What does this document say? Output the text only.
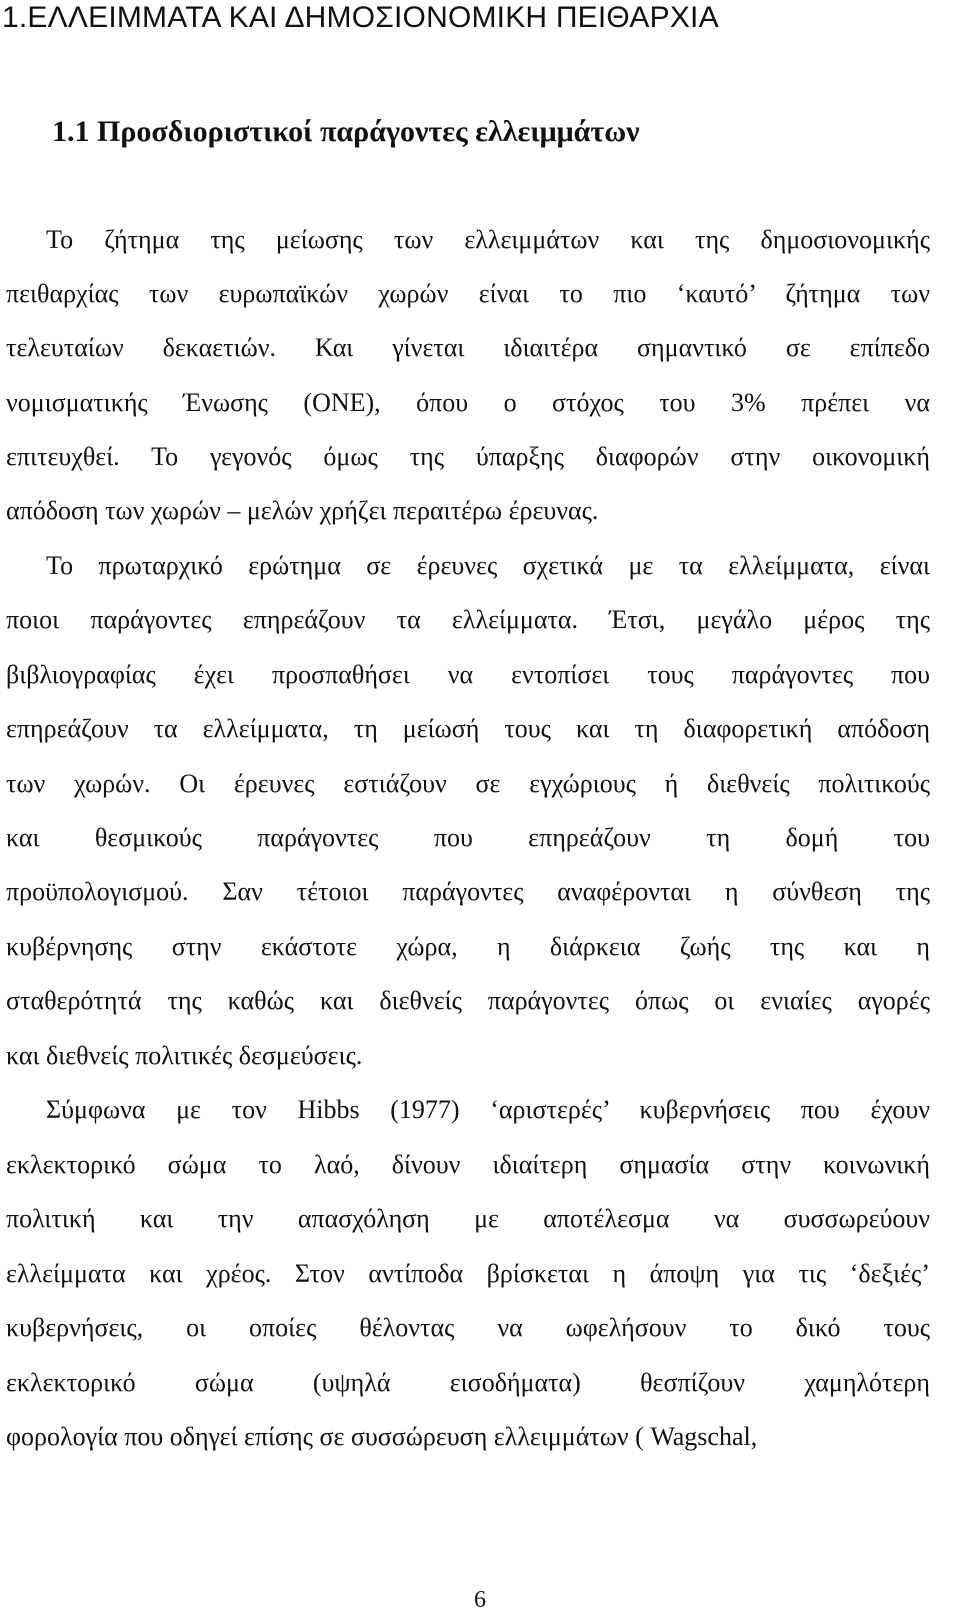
1.ΕΛΛΕΙΜΜΑΤΑ ΚΑΙ ΔΗΜΟΣΙΟΝΟΜΙΚΗ ΠΕΙΘΑΡΧΙΑ
1.1 Προσδιοριστικοί παράγοντες ελλειμμάτων
Το ζήτημα της μείωσης των ελλειμμάτων και της δημοσιονομικής
πειθαρχίας των ευρωπαϊκών χωρών είναι το πιο ‘καυτό’ ζήτημα των
τελευταίων δεκαετιών. Και γίνεται ιδιαιτέρα σημαντικό σε επίπεδο
νομισματικής Ένωσης (ΟΝΕ), όπου ο στόχος του 3% πρέπει να
επιτευχθεί. Το γεγονός όμως της ύπαρξης διαφορών στην οικονομική
απόδοση των χωρών – μελών χρήζει περαιτέρω έρευνας.
Το πρωταρχικό ερώτημα σε έρευνες σχετικά με τα ελλείμματα, είναι
ποιοι παράγοντες επηρεάζουν τα ελλείμματα. Έτσι, μεγάλο μέρος της
βιβλιογραφίας έχει προσπαθήσει να εντοπίσει τους παράγοντες που
επηρεάζουν τα ελλείμματα, τη μείωσή τους και τη διαφορετική απόδοση
των χωρών. Οι έρευνες εστιάζουν σε εγχώριους ή διεθνείς πολιτικούς
και θεσμικούς παράγοντες που επηρεάζουν τη δομή του
προϋπολογισμού. Σαν τέτοιοι παράγοντες αναφέρονται η σύνθεση της
κυβέρνησης στην εκάστοτε χώρα, η διάρκεια ζωής της και η
σταθερότητά της καθώς και διεθνείς παράγοντες όπως οι ενιαίες αγορές
και διεθνείς πολιτικές δεσμεύσεις.
Σύμφωνα με τον Hibbs (1977) ‘αριστερές’ κυβερνήσεις που έχουν
εκλεκτορικό σώμα το λαό, δίνουν ιδιαίτερη σημασία στην κοινωνική
πολιτική και την απασχόληση με αποτέλεσμα να συσσωρεύουν
ελλείμματα και χρέος. Στον αντίποδα βρίσκεται η άποψη για τις ‘δεξιές’
κυβερνήσεις, οι οποίες θέλοντας να ωφελήσουν το δικό τους
εκλεκτορικό σώμα (υψηλά εισοδήματα) θεσπίζουν χαμηλότερη
φορολογία που οδηγεί επίσης σε συσσώρευση ελλειμμάτων ( Wagschal,
6
